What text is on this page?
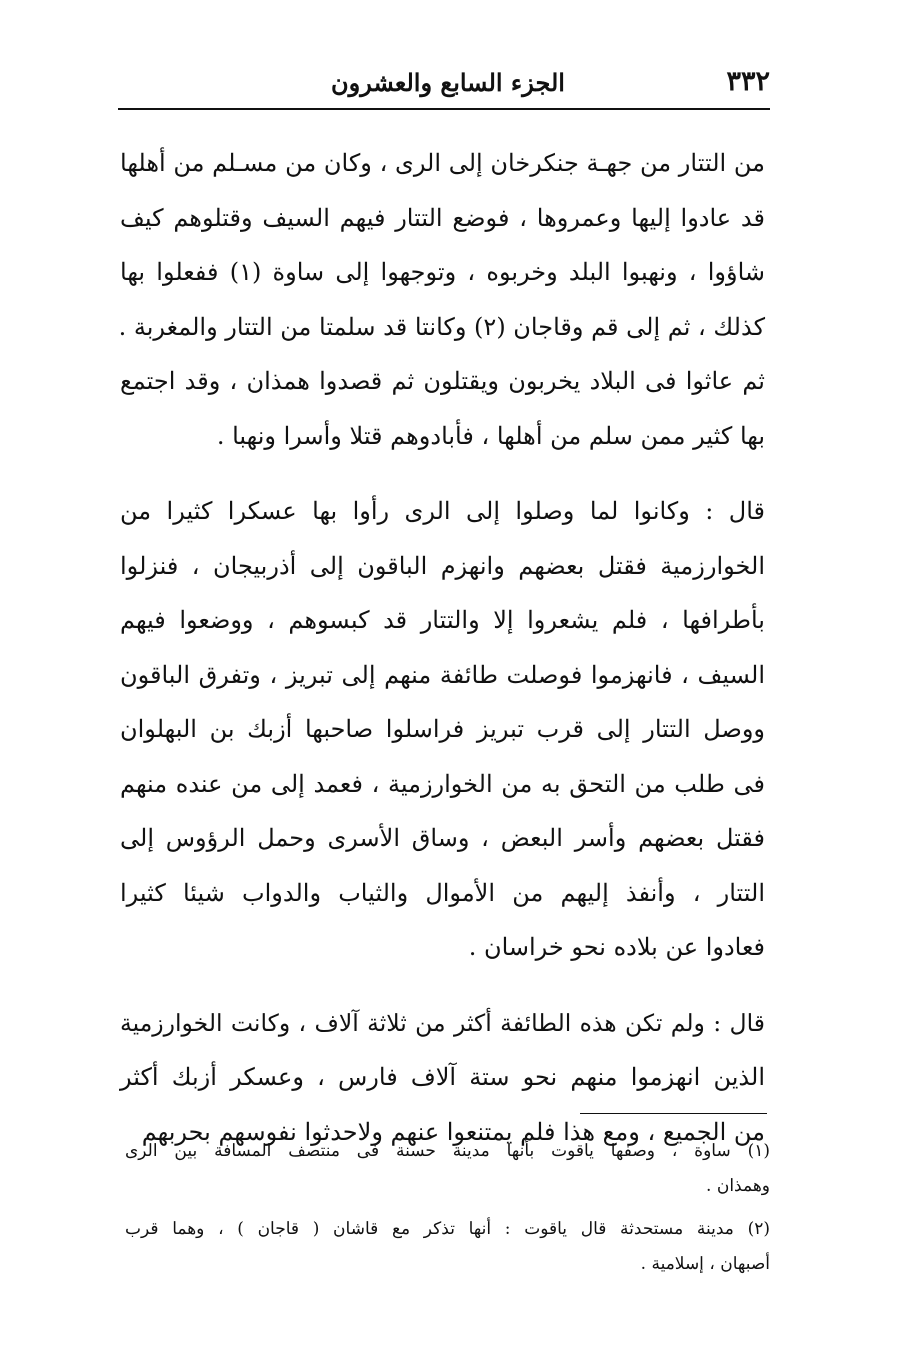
٣٣٢
الجزء السابع والعشرون
من التتار من جهـة جنكرخان إلى الرى ، وكان من مسـلم من أهلها
قد عادوا إليها وعمروها ، فوضع التتار فيهم السيف وقتلوهم كيف
شاؤوا ، ونهبوا البلد وخربوه ، وتوجهوا إلى ساوة (١) ففعلوا بها
كذلك ، ثم إلى قم وقاجان (٢) وكانتا قد سلمتا من التتار والمغربة .
ثم عاثوا فى البلاد يخربون ويقتلون ثم قصدوا همذان ، وقد اجتمع
بها كثير ممن سلم من أهلها ، فأبادوهم قتلا وأسرا ونهبا .
قال : وكانوا لما وصلوا إلى الرى رأوا بها عسكرا كثيرا من
الخوارزمية فقتل بعضهم وانهزم الباقون إلى أذربيجان ، فنزلوا
بأطرافها ، فلم يشعروا إلا والتتار قد كبسوهم ، ووضعوا فيهم
السيف ، فانهزموا فوصلت طائفة منهم إلى تبريز ، وتفرق الباقون
ووصل التتار إلى قرب تبريز فراسلوا صاحبها أزبك بن البهلوان
فى طلب من التحق به من الخوارزمية ، فعمد إلى من عنده منهم
فقتل بعضهم وأسر البعض ، وساق الأسرى وحمل الرؤوس إلى
التتار ، وأنفذ إليهم من الأموال والثياب والدواب شيئا كثيرا
فعادوا عن بلاده نحو خراسان .
قال : ولم تكن هذه الطائفة أكثر من ثلاثة آلاف ، وكانت الخوارزمية
الذين انهزموا منهم نحو ستة آلاف فارس ، وعسكر أزبك أكثر
من الجميع ، ومع هذا فلم يمتنعوا عنهم ولاحدثوا نفوسهم بحربهم
(١) ساوة ، وصفها ياقوت بأنها مدينة حسنة فى منتصف المسافة بين الرى
وهمذان .
(٢) مدينة مستحدثة قال ياقوت : أنها تذكر مع قاشان ( قاجان ) ، وهما قرب
أصبهان ، إسلامية .
